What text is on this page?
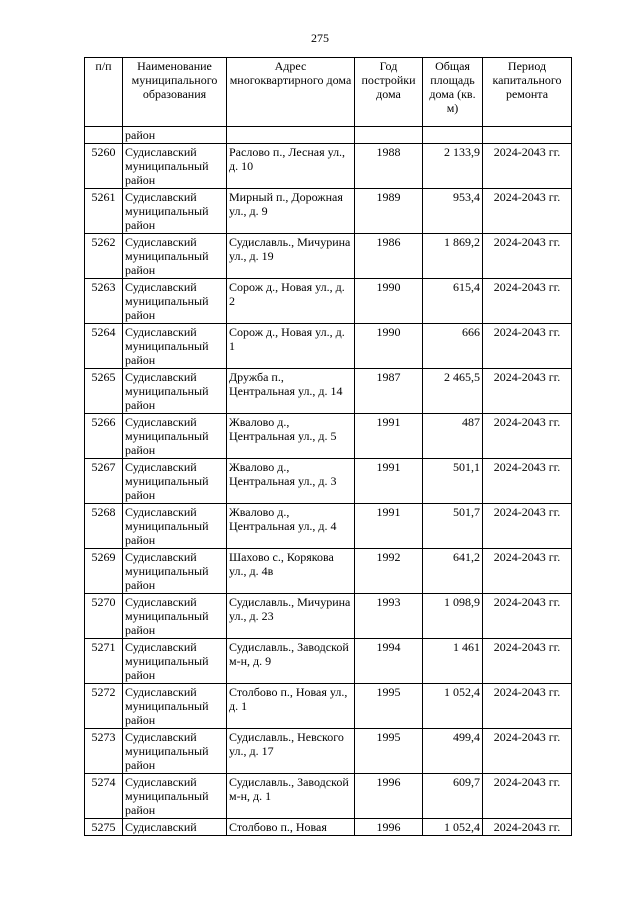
275
п/п	Наименование муниципального образования	Адрес многоквартирного дома	Год постройки дома	Общая площадь дома (кв. м)	Период капитального ремонта
	район				
5260	Судиславский муниципальный район	Раслово п., Лесная ул., д. 10	1988	2 133,9	2024-2043 гг.
5261	Судиславский муниципальный район	Мирный п., Дорожная ул., д. 9	1989	953,4	2024-2043 гг.
5262	Судиславский муниципальный район	Судиславль., Мичурина ул., д. 19	1986	1 869,2	2024-2043 гг.
5263	Судиславский муниципальный район	Сорож д., Новая ул., д. 2	1990	615,4	2024-2043 гг.
5264	Судиславский муниципальный район	Сорож д., Новая ул., д. 1	1990	666	2024-2043 гг.
5265	Судиславский муниципальный район	Дружба п., Центральная ул., д. 14	1987	2 465,5	2024-2043 гг.
5266	Судиславский муниципальный район	Жвалово д., Центральная ул., д. 5	1991	487	2024-2043 гг.
5267	Судиславский муниципальный район	Жвалово д., Центральная ул., д. 3	1991	501,1	2024-2043 гг.
5268	Судиславский муниципальный район	Жвалово д., Центральная ул., д. 4	1991	501,7	2024-2043 гг.
5269	Судиславский муниципальный район	Шахово с., Корякова ул., д. 4в	1992	641,2	2024-2043 гг.
5270	Судиславский муниципальный район	Судиславль., Мичурина ул., д. 23	1993	1 098,9	2024-2043 гг.
5271	Судиславский муниципальный район	Судиславль., Заводской м-н, д. 9	1994	1 461	2024-2043 гг.
5272	Судиславский муниципальный район	Столбово п., Новая ул., д. 1	1995	1 052,4	2024-2043 гг.
5273	Судиславский муниципальный район	Судиславль., Невского ул., д. 17	1995	499,4	2024-2043 гг.
5274	Судиславский муниципальный район	Судиславль., Заводской м-н, д. 1	1996	609,7	2024-2043 гг.
5275	Судиславский	Столбово п., Новая	1996	1 052,4	2024-2043 гг.
